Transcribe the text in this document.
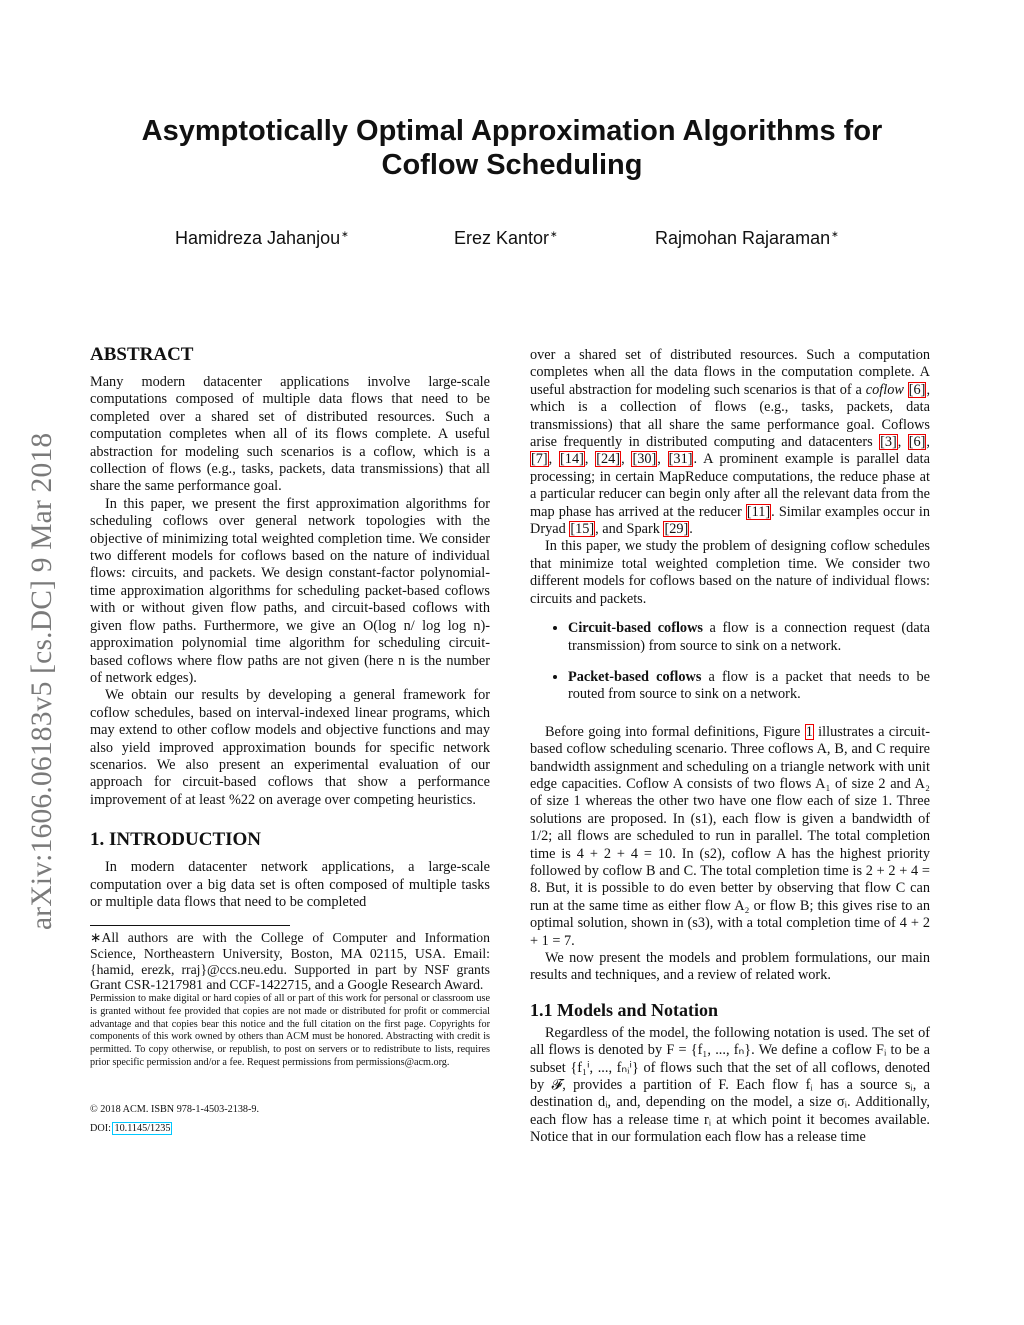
arXiv:1606.06183v5 [cs.DC] 9 Mar 2018
Asymptotically Optimal Approximation Algorithms for
Coflow Scheduling
Hamidreza Jahanjou∗	Erez Kantor∗	Rajmohan Rajaraman∗
ABSTRACT

Many modern datacenter applications involve large-scale computations composed of multiple data flows that need to be completed over a shared set of distributed resources. Such a computation completes when all of its flows complete. A useful abstraction for modeling such scenarios is a coflow, which is a collection of flows (e.g., tasks, packets, data transmissions) that all share the same performance goal.

In this paper, we present the first approximation algorithms for scheduling coflows over general network topologies with the objective of minimizing total weighted completion time. We consider two different models for coflows based on the nature of individual flows: circuits, and packets. We design constant-factor polynomial-time approximation algorithms for scheduling packet-based coflows with or without given flow paths, and circuit-based coflows with given flow paths. Furthermore, we give an O(log n/ log log n)-approximation polynomial time algorithm for scheduling circuit-based coflows where flow paths are not given (here n is the number of network edges).

We obtain our results by developing a general framework for coflow schedules, based on interval-indexed linear programs, which may extend to other coflow models and objective functions and may also yield improved approximation bounds for specific network scenarios. We also present an experimental evaluation of our approach for circuit-based coflows that show a performance improvement of at least %22 on average over competing heuristics.

1. INTRODUCTION

In modern datacenter network applications, a large-scale computation over a big data set is often composed of multiple tasks or multiple data flows that need to be completed

∗All authors are with the College of Computer and Information Science, Northeastern University, Boston, MA 02115, USA. Email: {hamid, erezk, rraj}@ccs.neu.edu. Supported in part by NSF grants Grant CSR-1217981 and CCF-1422715, and a Google Research Award.

Permission to make digital or hard copies of all or part of this work for personal or classroom use is granted without fee provided that copies are not made or distributed for profit or commercial advantage and that copies bear this notice and the full citation on the first page. Copyrights for components of this work owned by others than ACM must be honored. Abstracting with credit is permitted. To copy otherwise, or republish, to post on servers or to redistribute to lists, requires prior specific permission and/or a fee. Request permissions from permissions@acm.org.

© 2018 ACM. ISBN 978-1-4503-2138-9.

DOI: 10.1145/1235

over a shared set of distributed resources. Such a computation completes when all the data flows in the computation complete. A useful abstraction for modeling such scenarios is that of a coflow [6], which is a collection of flows (e.g., tasks, packets, data transmissions) that all share the same performance goal. Coflows arise frequently in distributed computing and datacenters [3], [6], [7], [14], [24], [30], [31]. A prominent example is parallel data processing; in certain MapReduce computations, the reduce phase at a particular reducer can begin only after all the relevant data from the map phase has arrived at the reducer [11]. Similar examples occur in Dryad [15], and Spark [29].

In this paper, we study the problem of designing coflow schedules that minimize total weighted completion time. We consider two different models for coflows based on the nature of individual flows: circuits and packets.

• Circuit-based coflows a flow is a connection request (data transmission) from source to sink on a network.
• Packet-based coflows a flow is a packet that needs to be routed from source to sink on a network.

Before going into formal definitions, Figure 1 illustrates a circuit-based coflow scheduling scenario. Three coflows A, B, and C require bandwidth assignment and scheduling on a triangle network with unit edge capacities. Coflow A consists of two flows A₁ of size 2 and A₂ of size 1 whereas the other two have one flow each of size 1. Three solutions are proposed. In (s1), each flow is given a bandwidth of 1/2; all flows are scheduled to run in parallel. The total completion time is 4 + 2 + 4 = 10. In (s2), coflow A has the highest priority followed by coflow B and C. The total completion time is 2 + 2 + 4 = 8. But, it is possible to do even better by observing that flow C can run at the same time as either flow A₂ or flow B; this gives rise to an optimal solution, shown in (s3), with a total completion time of 4 + 2 + 1 = 7.

We now present the models and problem formulations, our main results and techniques, and a review of related work.

1.1 Models and Notation

Regardless of the model, the following notation is used. The set of all flows is denoted by F = {f₁, ..., fₙ}. We define a coflow Fᵢ to be a subset {f₁ⁱ, ..., fₙᵢⁱ} of flows such that the set of all coflows, denoted by 𝓕, provides a partition of F. Each flow fᵢ has a source sᵢ, a destination dᵢ, and, depending on the model, a size σᵢ. Additionally, each flow has a release time rᵢ at which point it becomes available. Notice that in our formulation each flow has a release time
